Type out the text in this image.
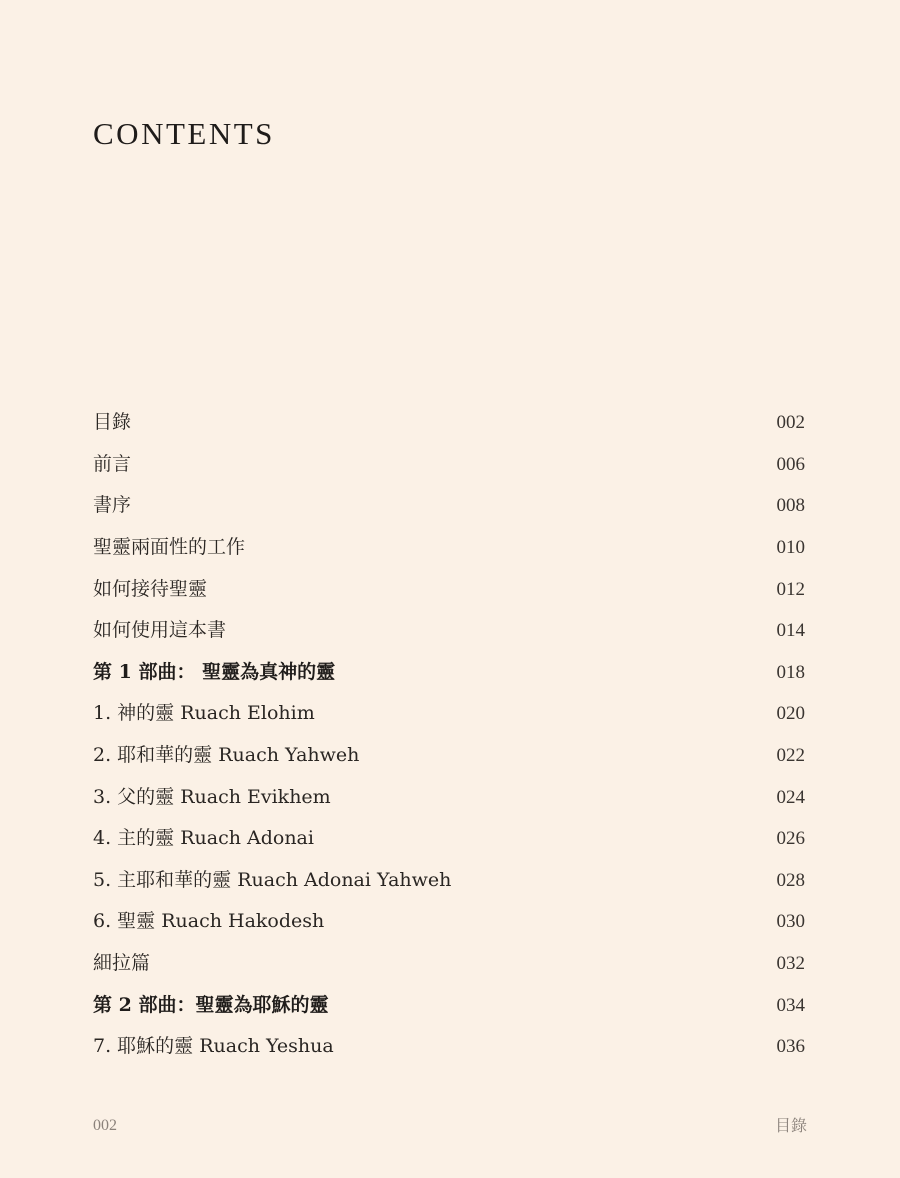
CONTENTS
目錄	002
前言	006
書序	008
聖靈兩面性的工作	010
如何接待聖靈	012
如何使用這本書	014
第 1 部曲： 聖靈為真神的靈	018
1. 神的靈 Ruach Elohim	020
2. 耶和華的靈 Ruach Yahweh	022
3. 父的靈 Ruach Evikhem	024
4. 主的靈 Ruach Adonai	026
5. 主耶和華的靈 Ruach Adonai Yahweh	028
6. 聖靈 Ruach Hakodesh	030
細拉篇	032
第 2 部曲：聖靈為耶穌的靈	034
7. 耶穌的靈 Ruach Yeshua	036
002	目錄
